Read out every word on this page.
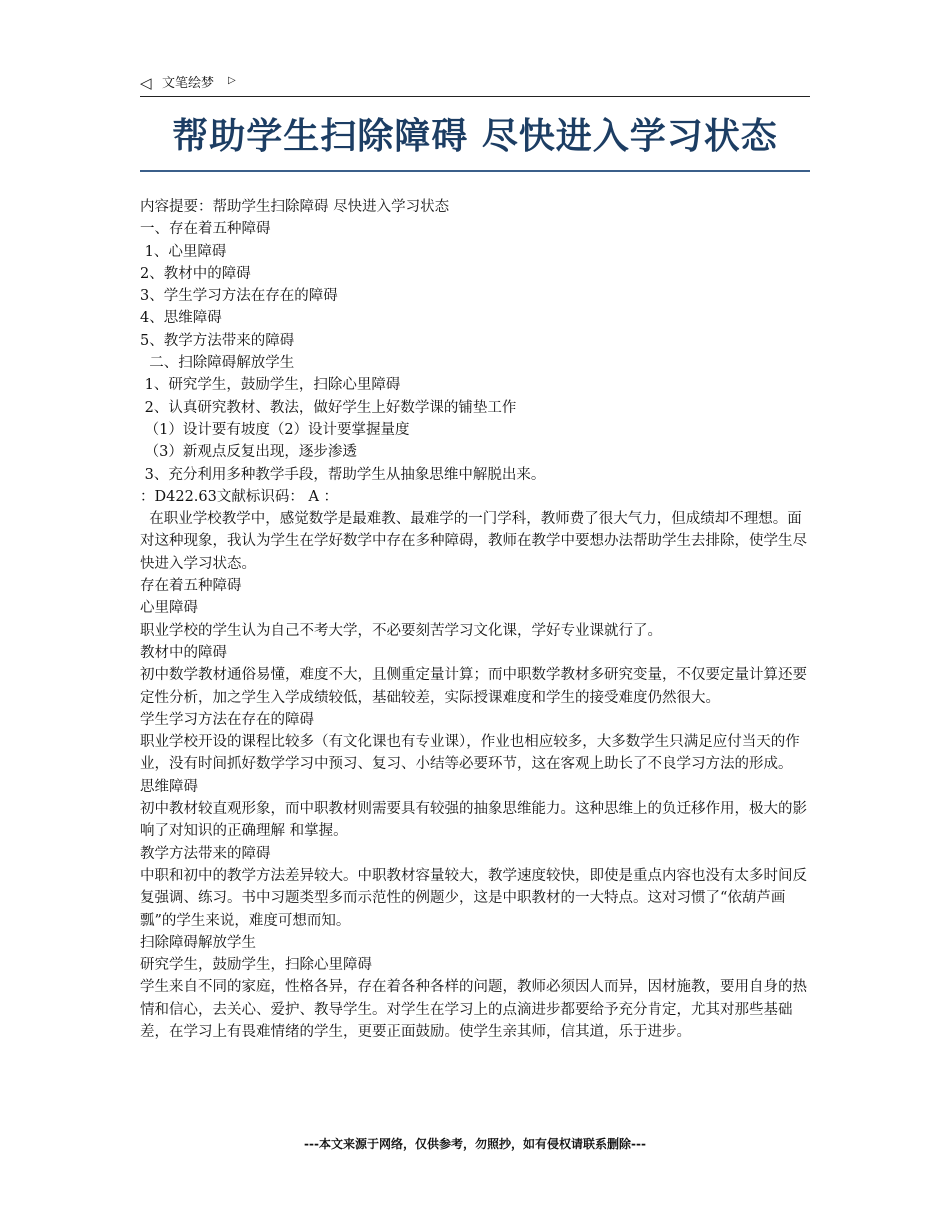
◁ 文笔绘梦 ▷
帮助学生扫除障碍 尽快进入学习状态

内容提要：帮助学生扫除障碍 尽快进入学习状态

一、存在着五种障碍

1、心里障碍

2、教材中的障碍

3、学生学习方法在存在的障碍

4、思维障碍

5、教学方法带来的障碍

二、扫除障碍解放学生

1、研究学生，鼓励学生，扫除心里障碍

2、认真研究教材、教法，做好学生上好数学课的铺垫工作

（1）设计要有坡度（2）设计要掌握量度

（3）新观点反复出现，逐步渗透

3、充分利用多种教学手段，帮助学生从抽象思维中解脱出来。

：D422.63文献标识码： A ：

在职业学校教学中，感觉数学是最难教、最难学的一门学科，教师费了很大气力，但成绩却不理想。面对这种现象，我认为学生在学好数学中存在多种障碍，教师在教学中要想办法帮助学生去排除，使学生尽快进入学习状态。

存在着五种障碍

心里障碍

职业学校的学生认为自己不考大学，不必要刻苦学习文化课，学好专业课就行了。

教材中的障碍

初中数学教材通俗易懂，难度不大，且侧重定量计算；而中职数学教材多研究变量，不仅要定量计算还要定性分析，加之学生入学成绩较低，基础较差，实际授课难度和学生的接受难度仍然很大。

学生学习方法在存在的障碍

职业学校开设的课程比较多（有文化课也有专业课），作业也相应较多，大多数学生只满足应付当天的作业，没有时间抓好数学学习中预习、复习、小结等必要环节，这在客观上助长了不良学习方法的形成。

思维障碍

初中教材较直观形象，而中职教材则需要具有较强的抽象思维能力。这种思维上的负迁移作用，极大的影响了对知识的正确理解 和掌握。

教学方法带来的障碍

中职和初中的教学方法差异较大。中职教材容量较大，教学速度较快，即使是重点内容也没有太多时间反复强调、练习。书中习题类型多而示范性的例题少，这是中职教材的一大特点。这对习惯了“依葫芦画瓢”的学生来说，难度可想而知。

扫除障碍解放学生

研究学生，鼓励学生，扫除心里障碍

学生来自不同的家庭，性格各异，存在着各种各样的问题，教师必须因人而异，因材施教，要用自身的热情和信心，去关心、爱护、教导学生。对学生在学习上的点滴进步都要给予充分肯定，尤其对那些基础差，在学习上有畏难情绪的学生，更要正面鼓励。使学生亲其师，信其道，乐于进步。

---本文来源于网络，仅供参考，勿照抄，如有侵权请联系删除---
